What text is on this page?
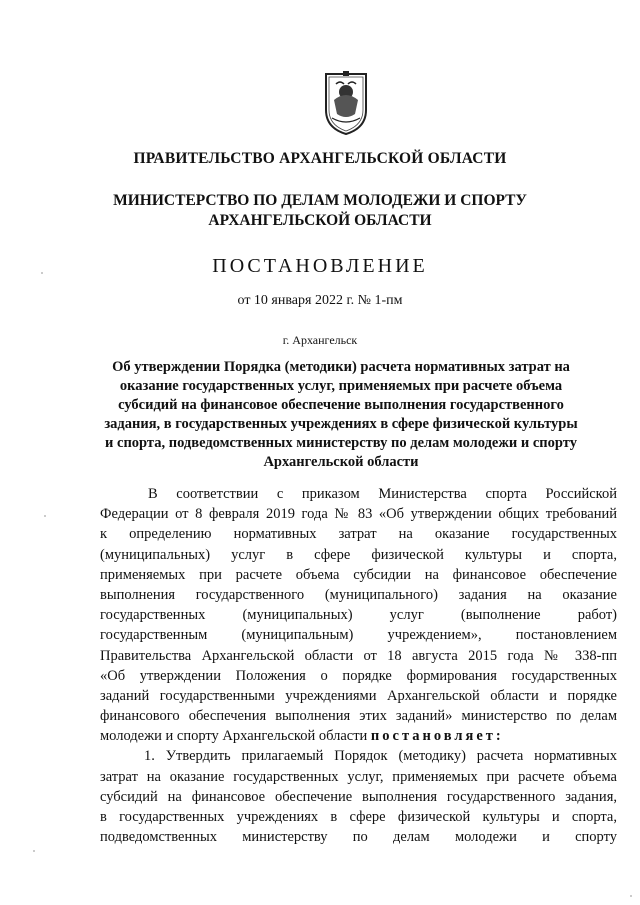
ПРАВИТЕЛЬСТВО АРХАНГЕЛЬСКОЙ ОБЛАСТИ
МИНИСТЕРСТВО ПО ДЕЛАМ МОЛОДЕЖИ И СПОРТУ
АРХАНГЕЛЬСКОЙ ОБЛАСТИ
ПОСТАНОВЛЕНИЕ
от 10 января 2022 г. № 1-пм
г. Архангельск
Об утверждении Порядка (методики) расчета нормативных затрат на
оказание государственных услуг, применяемых при расчете объема
субсидий на финансовое обеспечение выполнения государственного
задания, в государственных учреждениях в сфере физической культуры
и спорта, подведомственных министерству по делам молодежи и спорту
Архангельской области
В соответствии с приказом Министерства спорта Российской
Федерации от 8 февраля 2019 года № 83 «Об утверждении общих требований
к определению нормативных затрат на оказание государственных
(муниципальных) услуг в сфере физической культуры и спорта,
применяемых при расчете объема субсидии на финансовое обеспечение
выполнения государственного (муниципального) задания на оказание
государственных (муниципальных) услуг (выполнение работ)
государственным (муниципальным) учреждением», постановлением
Правительства Архангельской области от 18 августа 2015 года № 338-пп
«Об утверждении Положения о порядке формирования государственных
заданий государственными учреждениями Архангельской области и порядке
финансового обеспечения выполнения этих заданий» министерство по делам
молодежи и спорту Архангельской области постановляет:
1. Утвердить прилагаемый Порядок (методику) расчета нормативных
затрат на оказание государственных услуг, применяемых при расчете объема
субсидий на финансовое обеспечение выполнения государственного задания,
в государственных учреждениях в сфере физической культуры и спорта,
подведомственных министерству по делам молодежи и спорту
